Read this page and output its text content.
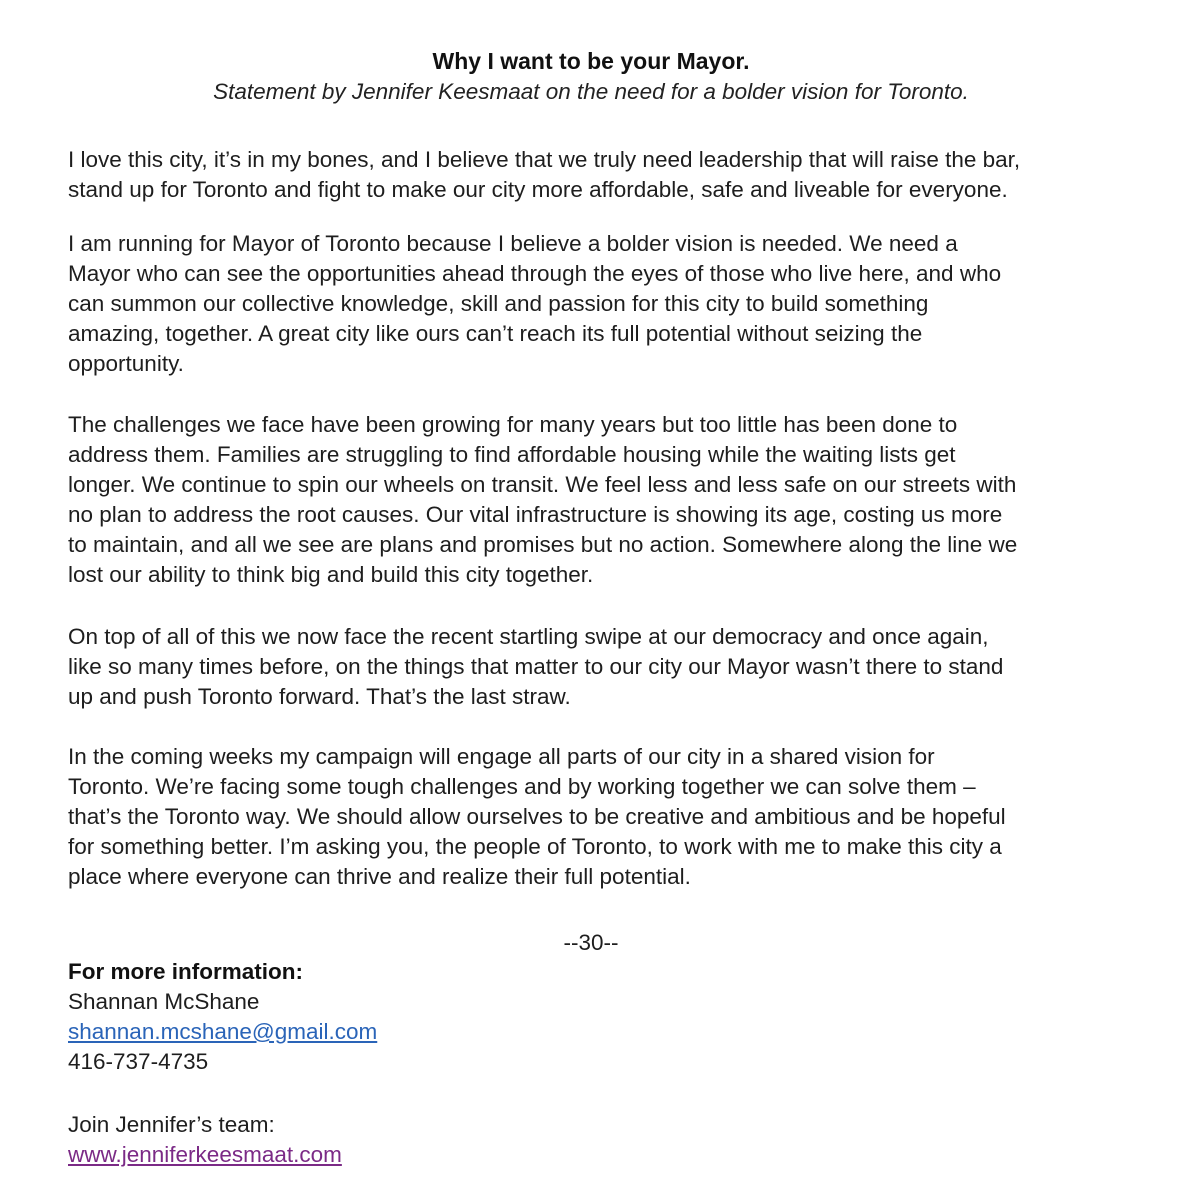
Why I want to be your Mayor.

Statement by Jennifer Keesmaat on the need for a bolder vision for Toronto.

I love this city, it’s in my bones, and I believe that we truly need leadership that will raise the bar,
stand up for Toronto and fight to make our city more affordable, safe and liveable for everyone.

I am running for Mayor of Toronto because I believe a bolder vision is needed. We need a
Mayor who can see the opportunities ahead through the eyes of those who live here, and who
can summon our collective knowledge, skill and passion for this city to build something
amazing, together. A great city like ours can’t reach its full potential without seizing the
opportunity.

The challenges we face have been growing for many years but too little has been done to
address them. Families are struggling to find affordable housing while the waiting lists get
longer. We continue to spin our wheels on transit. We feel less and less safe on our streets with
no plan to address the root causes. Our vital infrastructure is showing its age, costing us more
to maintain, and all we see are plans and promises but no action. Somewhere along the line we
lost our ability to think big and build this city together.

On top of all of this we now face the recent startling swipe at our democracy and once again,
like so many times before, on the things that matter to our city our Mayor wasn’t there to stand
up and push Toronto forward. That’s the last straw.

In the coming weeks my campaign will engage all parts of our city in a shared vision for
Toronto. We’re facing some tough challenges and by working together we can solve them –
that’s the Toronto way. We should allow ourselves to be creative and ambitious and be hopeful
for something better. I’m asking you, the people of Toronto, to work with me to make this city a
place where everyone can thrive and realize their full potential.

--30--

For more information:
Shannan McShane
shannan.mcshane@gmail.com
416-737-4735

Join Jennifer’s team:
www.jenniferkeesmaat.com
